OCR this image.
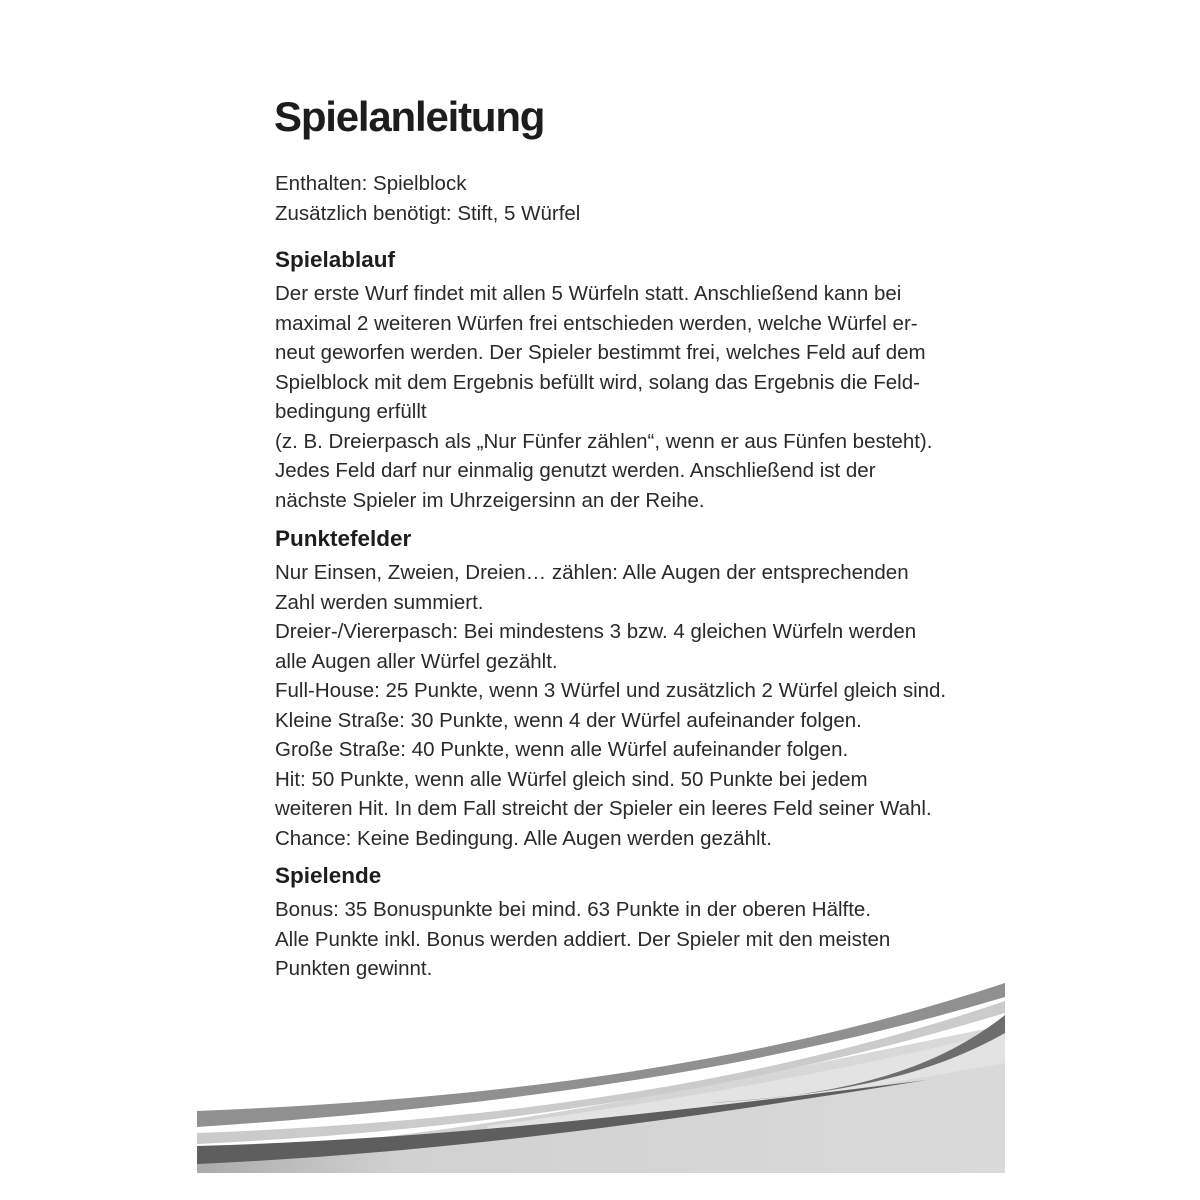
Spielanleitung
Enthalten: Spielblock
Zusätzlich benötigt: Stift, 5 Würfel
Spielablauf
Der erste Wurf findet mit allen 5 Würfeln statt. Anschließend kann bei
maximal 2 weiteren Würfen frei entschieden werden, welche Würfel er-
neut geworfen werden. Der Spieler bestimmt frei, welches Feld auf dem
Spielblock mit dem Ergebnis befüllt wird, solang das Ergebnis die Feld-
bedingung erfüllt
(z. B. Dreierpasch als „Nur Fünfer zählen“, wenn er aus Fünfen besteht).
Jedes Feld darf nur einmalig genutzt werden. Anschließend ist der
nächste Spieler im Uhrzeigersinn an der Reihe.
Punktefelder
Nur Einsen, Zweien, Dreien… zählen: Alle Augen der entsprechenden
Zahl werden summiert.
Dreier-/Viererpasch: Bei mindestens 3 bzw. 4 gleichen Würfeln werden
alle Augen aller Würfel gezählt.
Full-House: 25 Punkte, wenn 3 Würfel und zusätzlich 2 Würfel gleich sind.
Kleine Straße: 30 Punkte, wenn 4 der Würfel aufeinander folgen.
Große Straße: 40 Punkte, wenn alle Würfel aufeinander folgen.
Hit: 50 Punkte, wenn alle Würfel gleich sind. 50 Punkte bei jedem
weiteren Hit. In dem Fall streicht der Spieler ein leeres Feld seiner Wahl.
Chance: Keine Bedingung. Alle Augen werden gezählt.
Spielende
Bonus: 35 Bonuspunkte bei mind. 63 Punkte in der oberen Hälfte.
Alle Punkte inkl. Bonus werden addiert. Der Spieler mit den meisten
Punkten gewinnt.
